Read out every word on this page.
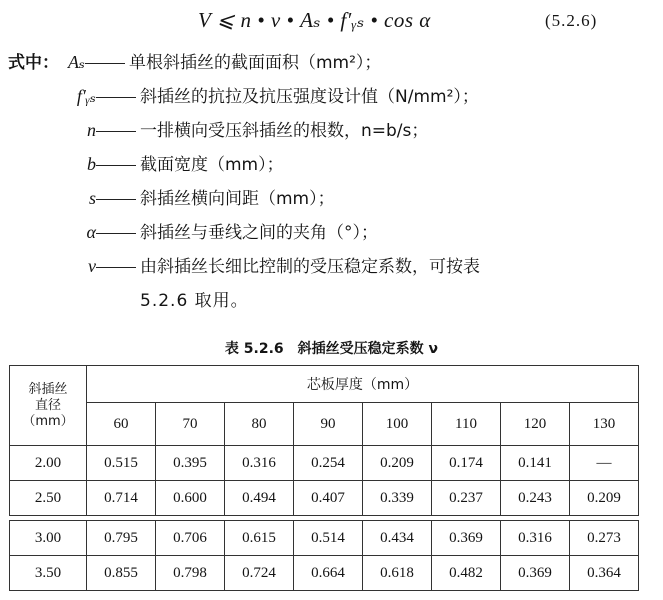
V ⩽ n • ν • Aₛ • f′ᵧₛ • cos α	(5.2.6)
式中： Aₛ	单根斜插丝的截面面积（mm²）；
f′ᵧₛ	斜插丝的抗拉及抗压强度设计值（N/mm²）；
n	一排横向受压斜插丝的根数，n=b/s；
b	截面宽度（mm）；
s	斜插丝横向间距（mm）；
α	斜插丝与垂线之间的夹角（°）；
ν	由斜插丝长细比控制的受压稳定系数，可按表
5.2.6 取用。
表 5.2.6　斜插丝受压稳定系数 ν
斜插丝
直径
（mm）	芯板厚度（mm）							
	60	70	80	90	100	110	120	130
2.00	0.515	0.395	0.316	0.254	0.209	0.174	0.141	—
2.50	0.714	0.600	0.494	0.407	0.339	0.237	0.243	0.209

3.00	0.795	0.706	0.615	0.514	0.434	0.369	0.316	0.273
3.50	0.855	0.798	0.724	0.664	0.618	0.482	0.369	0.364
